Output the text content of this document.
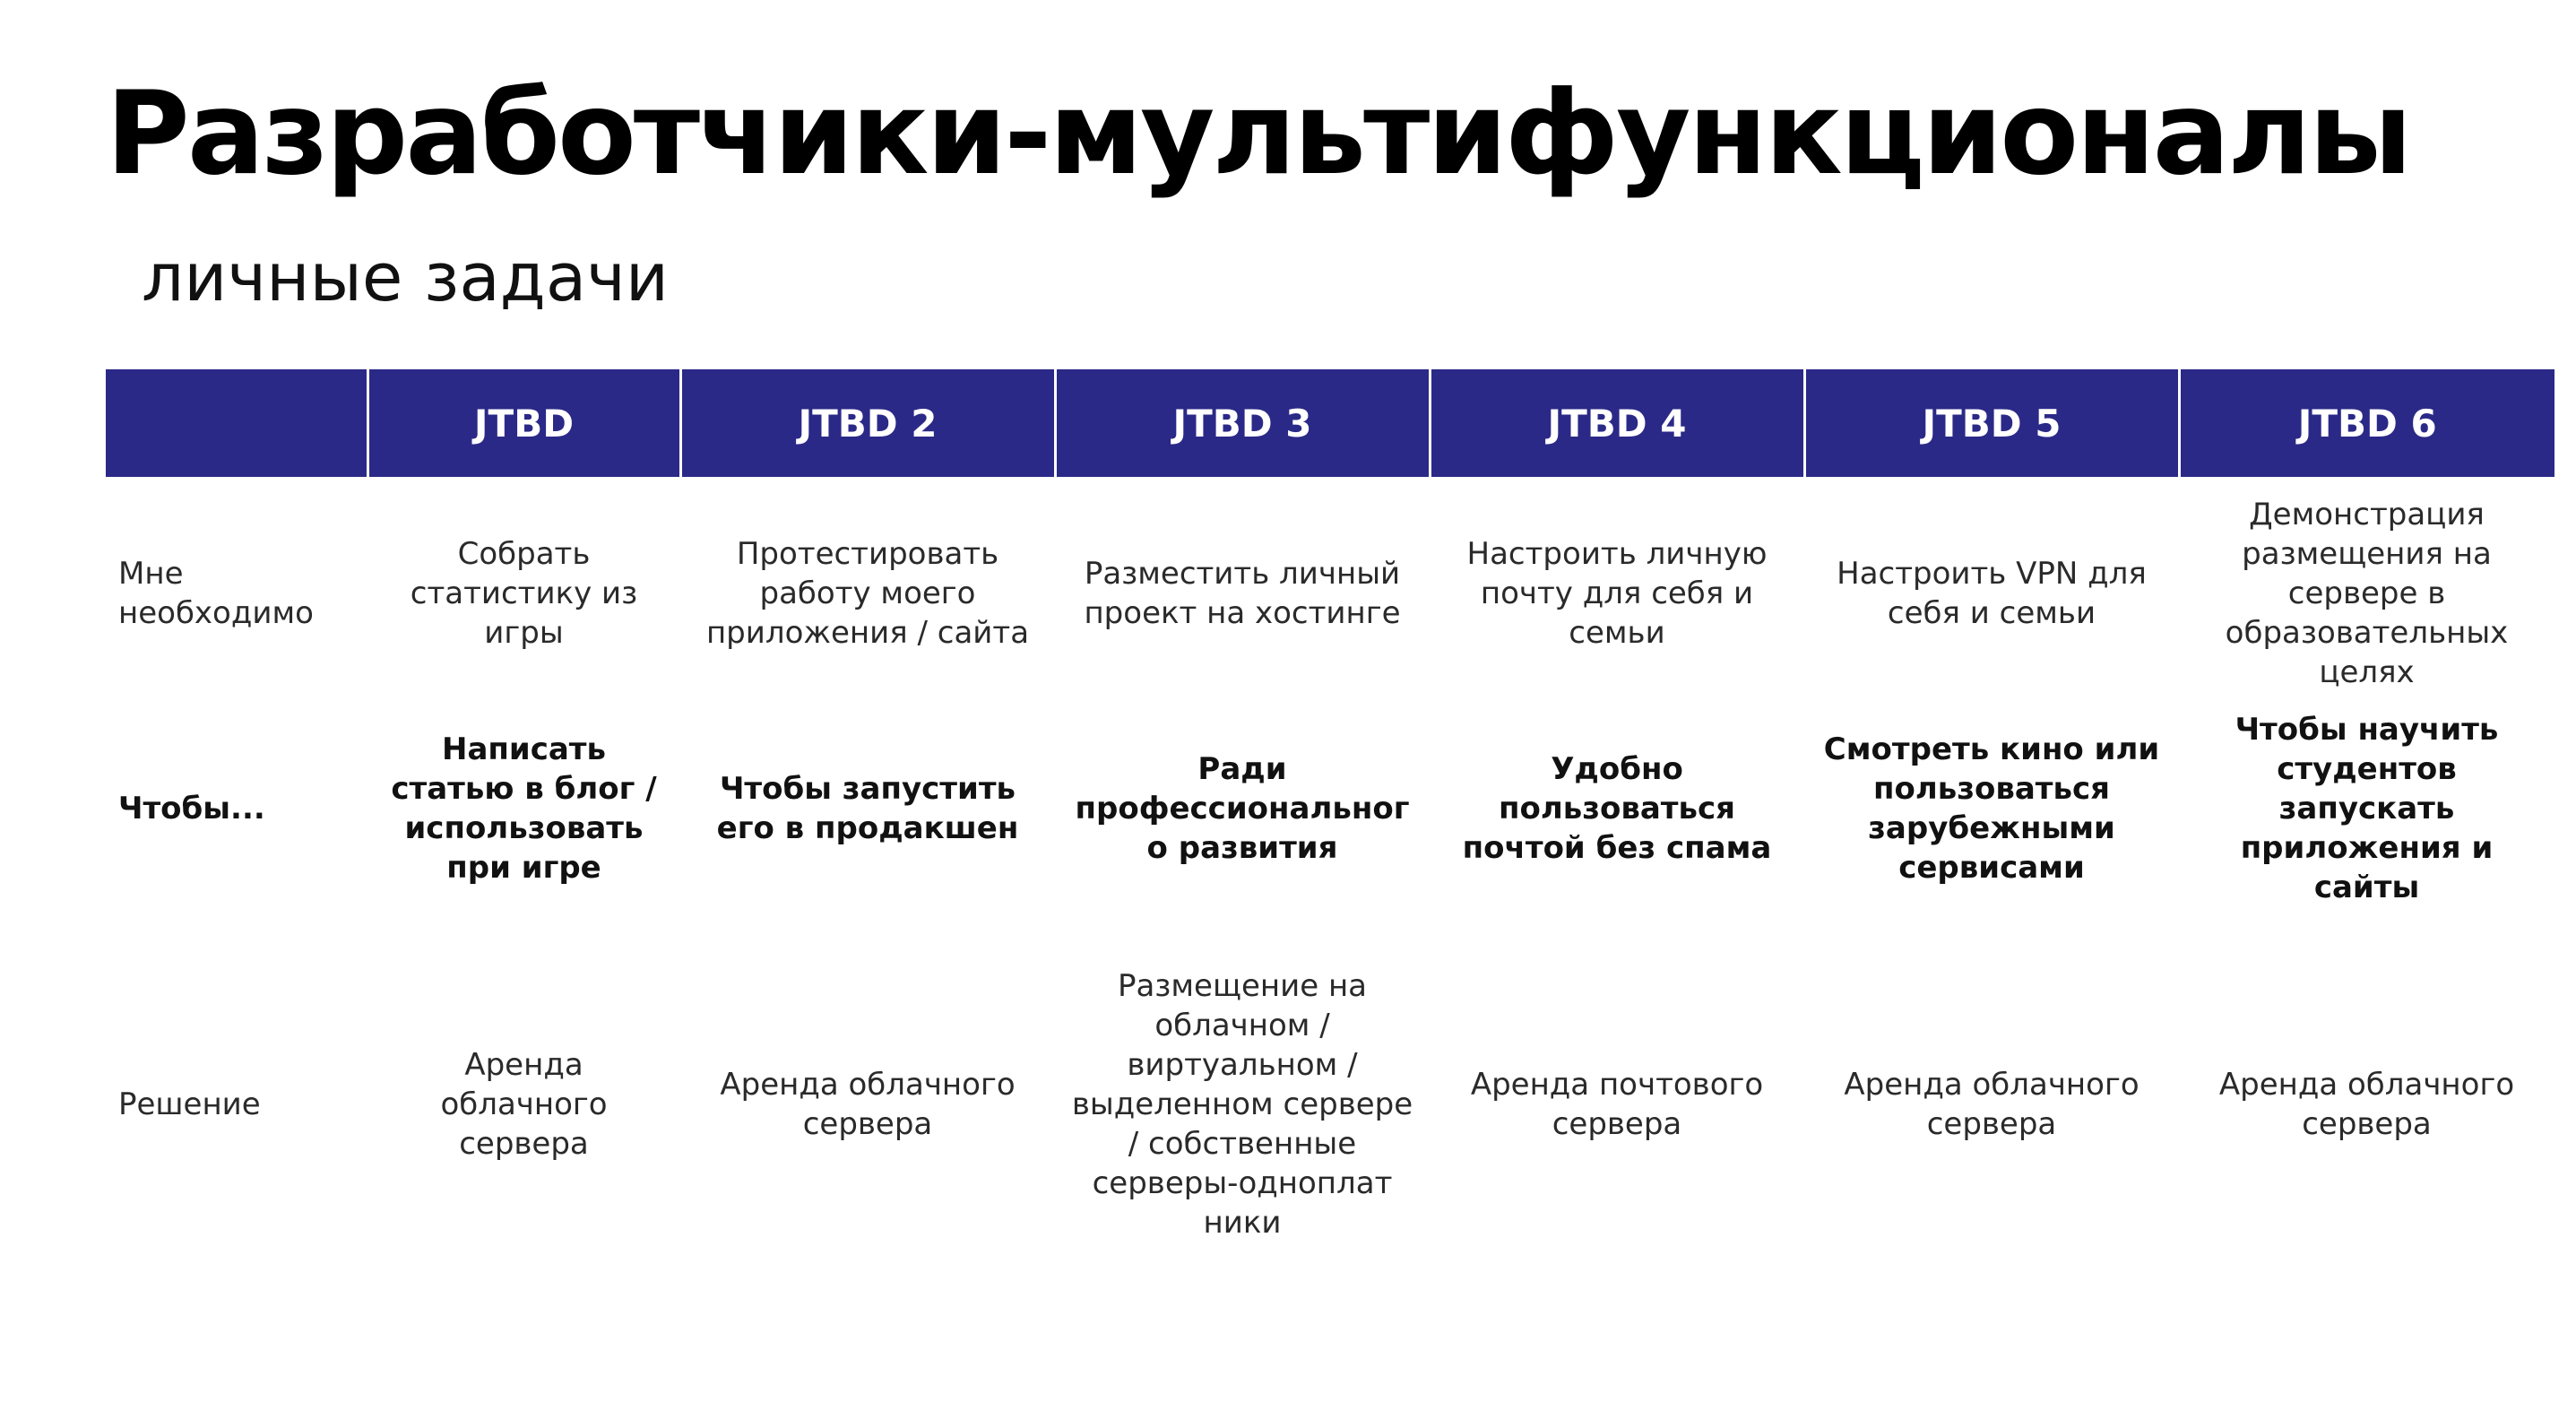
Разработчики-мультифункционалы
личные задачи
	JTBD	JTBD 2	JTBD 3	JTBD 4	JTBD 5	JTBD 6
Мне необходимо	Собрать статистику из игры	Протестировать работу моего приложения / сайта	Разместить личный проект на хостинге	Настроить личную почту для себя и семьи	Настроить VPN для себя и семьи	Демонстрация размещения на сервере в образовательных целях
Чтобы...	Написать статью в блог / использовать при игре	Чтобы запустить его в продакшен	Ради профессиональног о развития	Удобно пользоваться почтой без спама	Смотреть кино или пользоваться зарубежными сервисами	Чтобы научить студентов запускать приложения и сайты
Решение	Аренда облачного сервера	Аренда облачного сервера	Размещение на облачном / виртуальном / выделенном сервере / собственные серверы-одноплат ники	Аренда почтового сервера	Аренда облачного сервера	Аренда облачного сервера
